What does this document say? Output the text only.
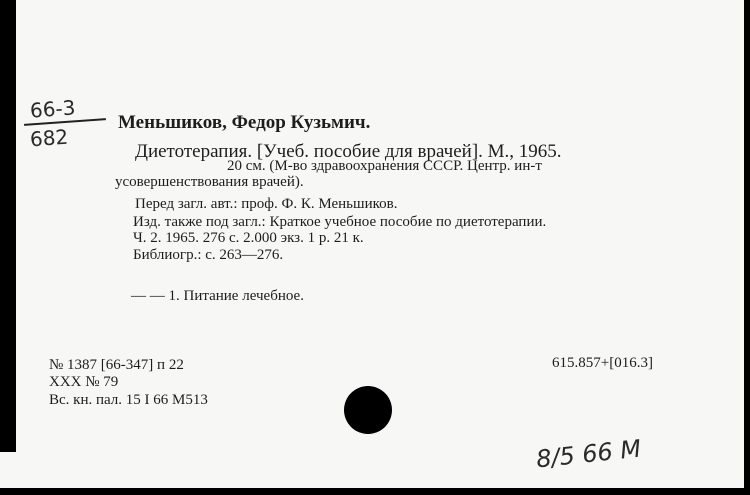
66-3
682
Меньшиков, Федор Кузьмич.
Диетотерапия. [Учеб. пособие для врачей]. М., 1965.
20 см. (М-во здравоохранения СССР. Центр. ин-т
усовершенствования врачей).
Перед загл. авт.: проф. Ф. К. Меньшиков.
Изд. также под загл.: Краткое учебное пособие по диетотерапии.
Ч. 2. 1965. 276 с. 2.000 экз. 1 р. 21 к.
Библиогр.: с. 263—276.
— — 1. Питание лечебное.
№ 1387 [66-347] п 22	615.857+[016.3]
XXX № 79
Вс. кн. пал. 15 I 66 М513
8/5 66 М
